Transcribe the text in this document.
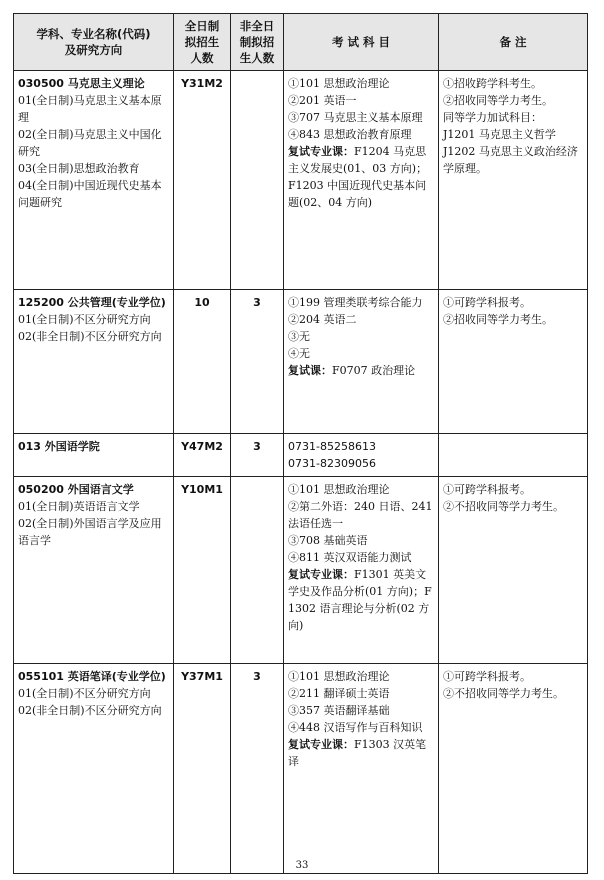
学科、专业名称(代码)
及研究方向	全日制
拟招生
人数	非全日
制拟招
生人数	考 试 科 目	备 注

030500 马克思主义理论
01(全日制)马克思主义基本原理
02(全日制)马克思主义中国化研究
03(全日制)思想政治教育
04(全日制)中国近现代史基本问题研究	Y31M2		①101 思想政治理论
②201 英语一
③707 马克思主义基本原理
④843 思想政治教育原理
复试专业课：F1204 马克思主义发展史(01、03 方向)；F1203 中国近现代史基本问题(02、04 方向)	①招收跨学科考生。
②招收同等学力考生。
同等学力加试科目：
J1201 马克思主义哲学
J1202 马克思主义政治经济学原理。

125200 公共管理(专业学位)
01(全日制)不区分研究方向
02(非全日制)不区分研究方向	10	3	①199 管理类联考综合能力
②204 英语二
③无
④无
复试课：F0707 政治理论	①可跨学科报考。
②招收同等学力考生。

013 外国语学院	Y47M2	3	0731-85258613
0731-82309056	

050200 外国语言文学
01(全日制)英语语言文学
02(全日制)外国语言学及应用语言学	Y10M1		①101 思想政治理论
②第二外语：240 日语、241 法语任选一
③708 基础英语
④811 英汉双语能力测试
复试专业课：F1301 英美文学史及作品分析(01 方向)；F1302 语言理论与分析(02 方向)	①可跨学科报考。
②不招收同等学力考生。

055101 英语笔译(专业学位)
01(全日制)不区分研究方向
02(非全日制)不区分研究方向	Y37M1	3	①101 思想政治理论
②211 翻译硕士英语
③357 英语翻译基础
④448 汉语写作与百科知识
复试专业课：F1303 汉英笔译	①可跨学科报考。
②不招收同等学力考生。
33
